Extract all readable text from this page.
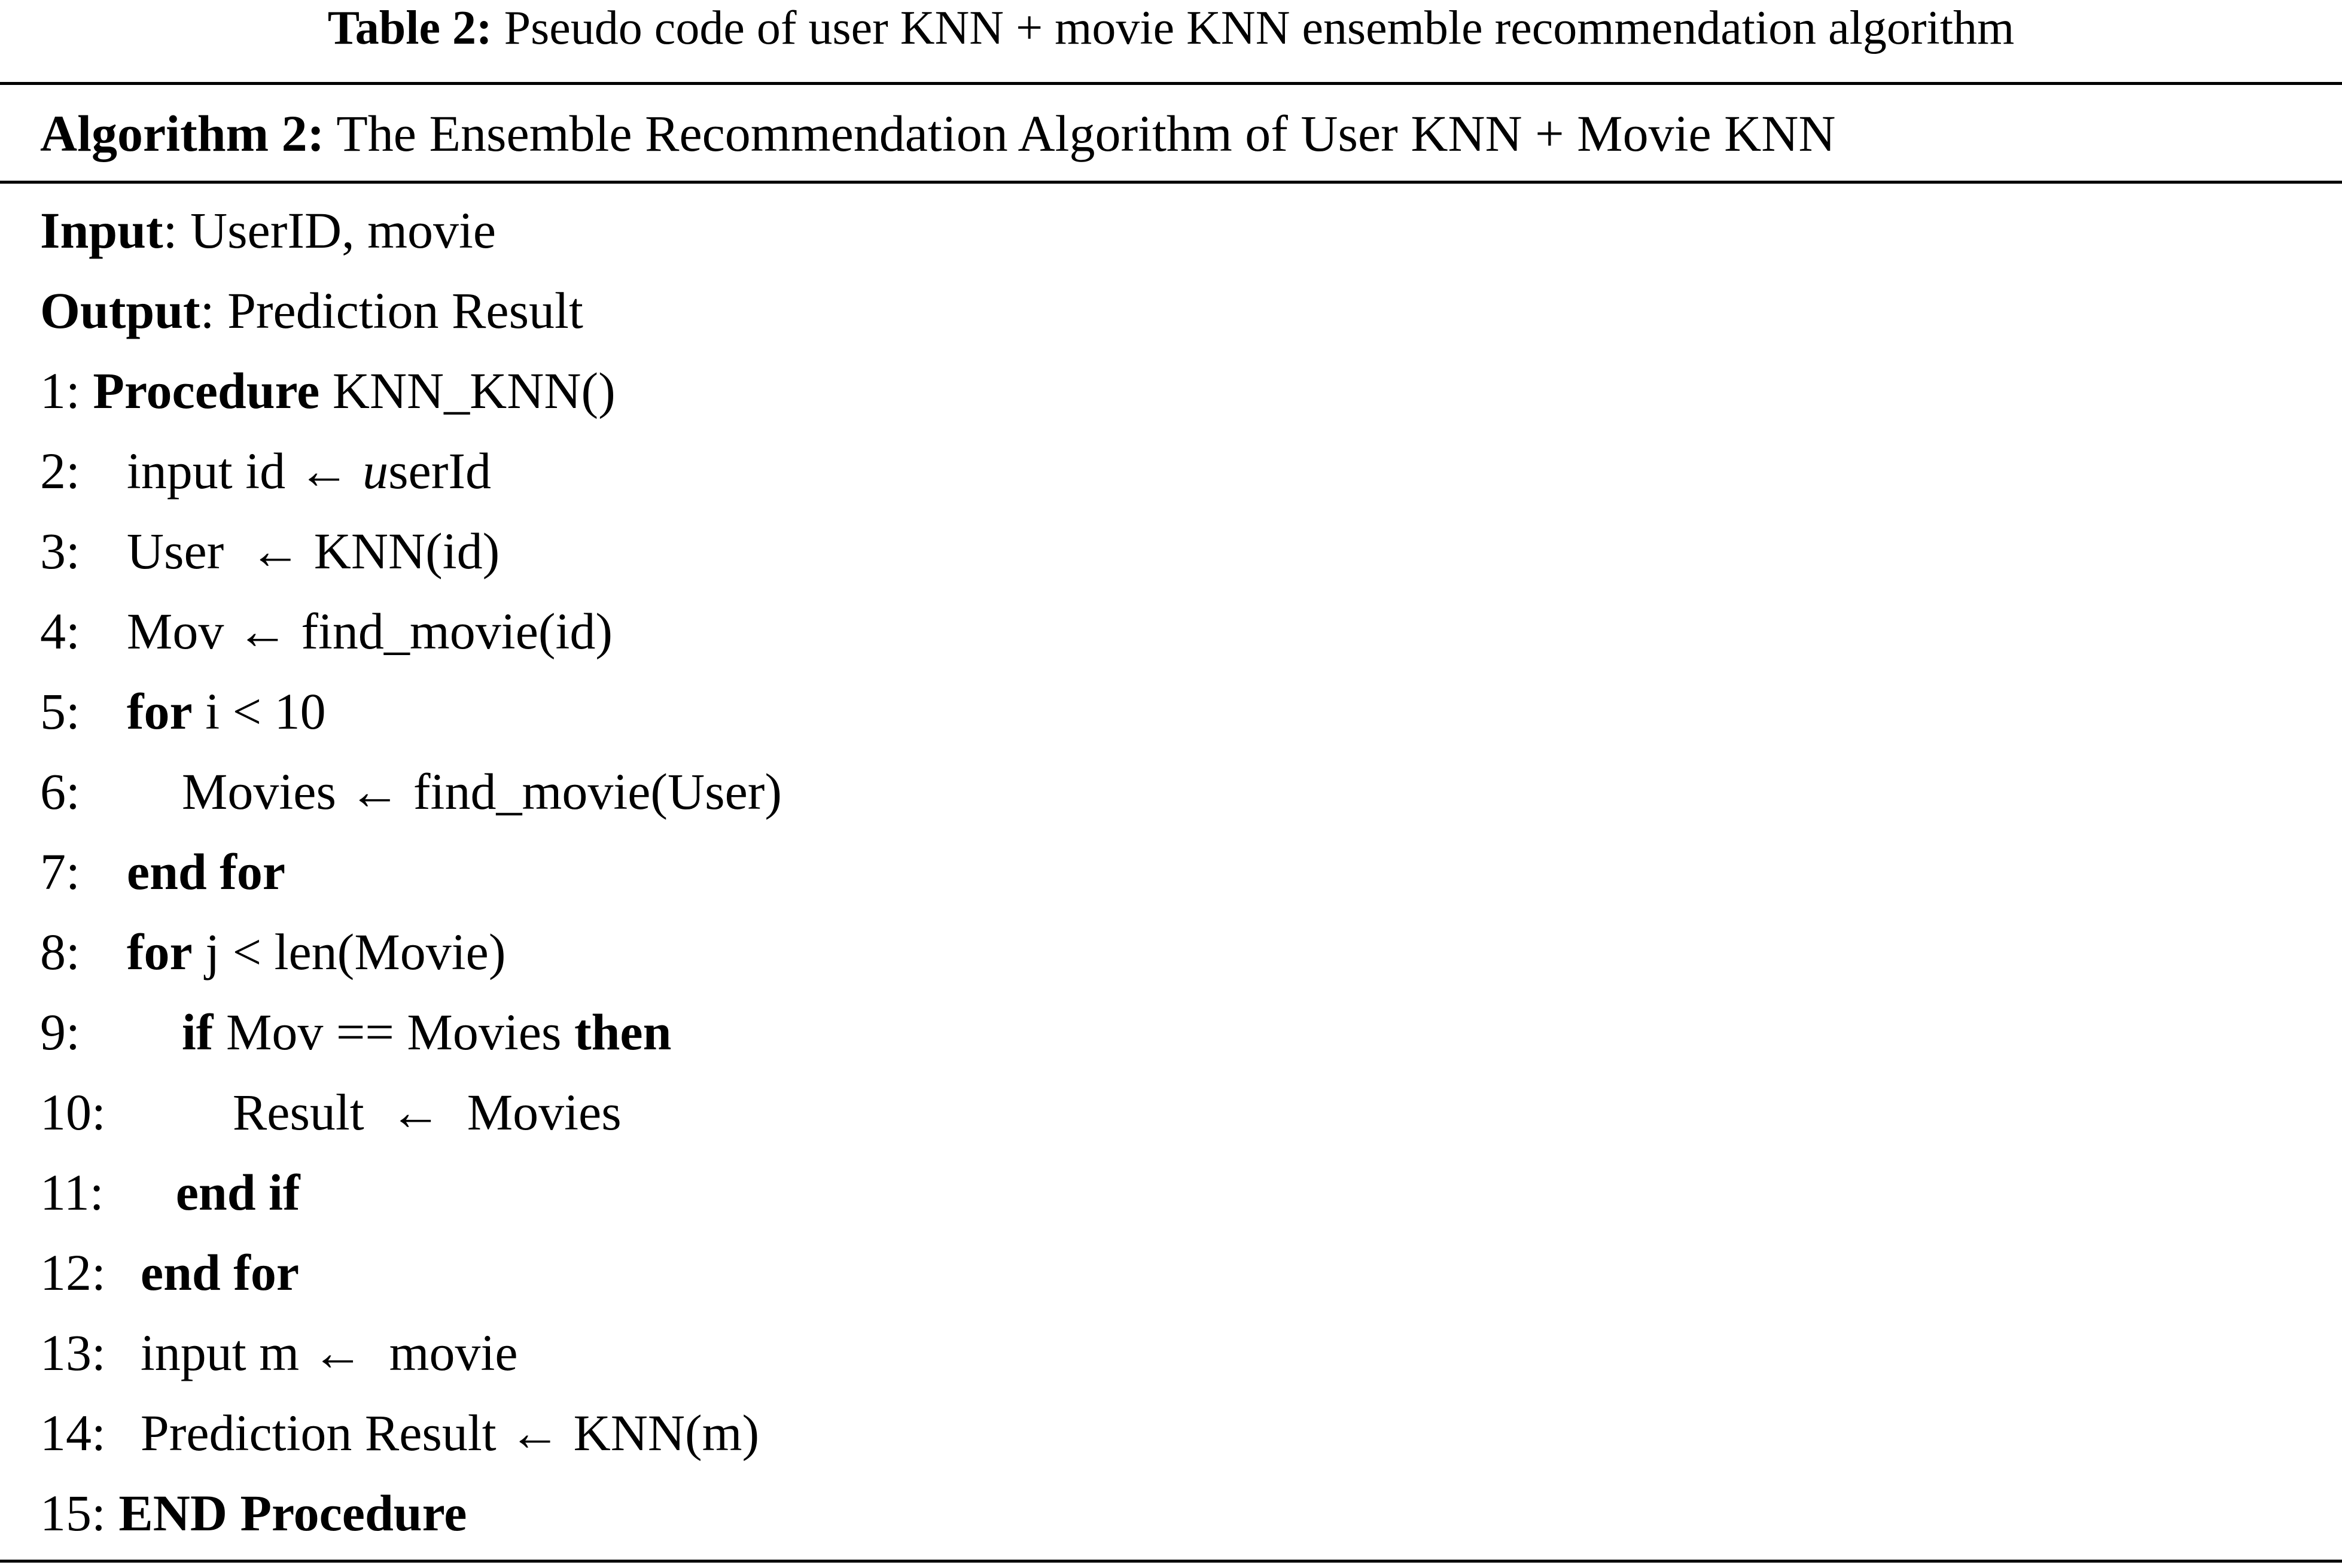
Table 2: Pseudo code of user KNN + movie KNN ensemble recommendation algorithm
Algorithm 2: The Ensemble Recommendation Algorithm of User KNN + Movie KNN
Input: UserID, movie
Output: Prediction Result
1: Procedure KNN_KNN()
2: input id ← userId
3: User  ← KNN(id)
4: Mov ← find_movie(id)
5: for i < 10
6: Movies ← find_movie(User)
7: end for
8: for j < len(Movie)
9: if Mov == Movies then
10: Result  ←  Movies
11: end if
12: end for
13: input m ←  movie
14: Prediction Result ← KNN(m)
15: END Procedure
